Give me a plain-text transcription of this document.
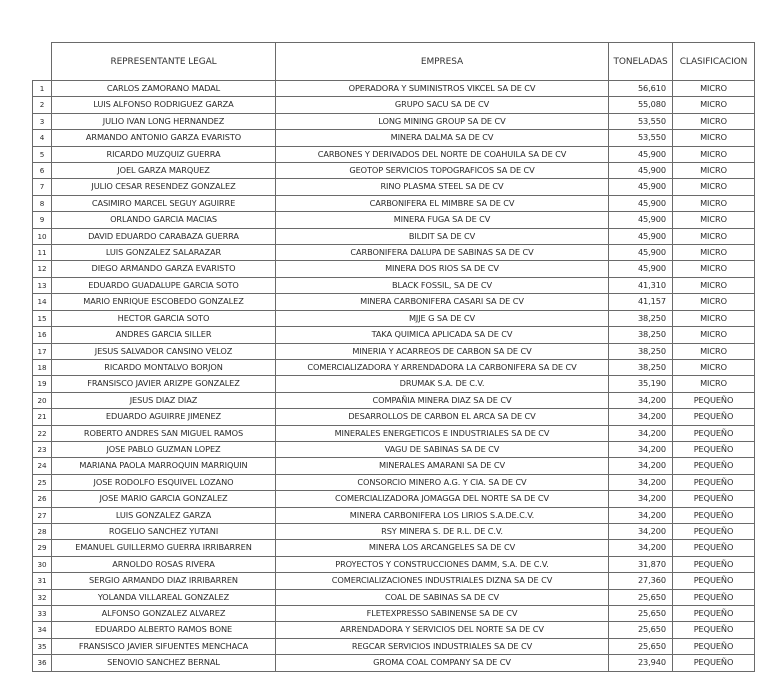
	REPRESENTANTE LEGAL	EMPRESA	TONELADAS	CLASIFICACION
1	CARLOS ZAMORANO MADAL	OPERADORA Y SUMINISTROS VIKCEL SA DE CV	56,610	MICRO
2	LUIS ALFONSO RODRIGUEZ GARZA	GRUPO SACU SA DE CV	55,080	MICRO
3	JULIO IVAN LONG HERNANDEZ	LONG MINING GROUP SA DE CV	53,550	MICRO
4	ARMANDO ANTONIO GARZA EVARISTO	MINERA DALMA SA DE CV	53,550	MICRO
5	RICARDO MUZQUIZ GUERRA	CARBONES Y DERIVADOS DEL NORTE DE COAHUILA SA DE CV	45,900	MICRO
6	JOEL GARZA MARQUEZ	GEOTOP SERVICIOS TOPOGRAFICOS SA DE CV	45,900	MICRO
7	JULIO CESAR RESENDEZ GONZALEZ	RINO PLASMA STEEL SA DE CV	45,900	MICRO
8	CASIMIRO MARCEL SEGUY AGUIRRE	CARBONIFERA EL MIMBRE SA DE CV	45,900	MICRO
9	ORLANDO GARCIA MACIAS	MINERA FUGA SA DE CV	45,900	MICRO
10	DAVID EDUARDO CARABAZA GUERRA	BILDIT SA DE CV	45,900	MICRO
11	LUIS GONZALEZ SALARAZAR	CARBONIFERA DALUPA DE SABINAS SA DE CV	45,900	MICRO
12	DIEGO ARMANDO GARZA EVARISTO	MINERA DOS RIOS SA DE CV	45,900	MICRO
13	EDUARDO GUADALUPE GARCIA SOTO	BLACK FOSSIL, SA DE CV	41,310	MICRO
14	MARIO ENRIQUE ESCOBEDO GONZALEZ	MINERA CARBONIFERA CASARI SA DE CV	41,157	MICRO
15	HECTOR GARCIA SOTO	MJJE G SA DE CV	38,250	MICRO
16	ANDRES GARCIA SILLER	TAKA QUIMICA APLICADA SA DE CV	38,250	MICRO
17	JESUS SALVADOR CANSINO VELOZ	MINERIA Y ACARREOS DE CARBON SA DE CV	38,250	MICRO
18	RICARDO MONTALVO BORJON	COMERCIALIZADORA Y ARRENDADORA LA CARBONIFERA SA DE CV	38,250	MICRO
19	FRANSISCO JAVIER ARIZPE GONZALEZ	DRUMAK S.A. DE C.V.	35,190	MICRO
20	JESUS DIAZ DIAZ	COMPAÑIA MINERA DIAZ SA DE CV	34,200	PEQUEÑO
21	EDUARDO AGUIRRE JIMENEZ	DESARROLLOS DE CARBON EL ARCA SA DE CV	34,200	PEQUEÑO
22	ROBERTO ANDRES SAN MIGUEL RAMOS	MINERALES ENERGETICOS E INDUSTRIALES SA DE CV	34,200	PEQUEÑO
23	JOSE PABLO GUZMAN LOPEZ	VAGU DE SABINAS SA DE CV	34,200	PEQUEÑO
24	MARIANA PAOLA MARROQUIN MARRIQUIN	MINERALES AMARANI SA DE CV	34,200	PEQUEÑO
25	JOSE RODOLFO ESQUIVEL LOZANO	CONSORCIO MINERO A.G. Y CIA. SA DE CV	34,200	PEQUEÑO
26	JOSE MARIO GARCIA GONZALEZ	COMERCIALIZADORA JOMAGGA DEL NORTE SA DE CV	34,200	PEQUEÑO
27	LUIS GONZALEZ GARZA	MINERA CARBONIFERA LOS LIRIOS S.A.DE.C.V.	34,200	PEQUEÑO
28	ROGELIO SANCHEZ YUTANI	RSY MINERA S. DE R.L. DE C.V.	34,200	PEQUEÑO
29	EMANUEL GUILLERMO GUERRA IRRIBARREN	MINERA LOS ARCANGELES SA DE CV	34,200	PEQUEÑO
30	ARNOLDO ROSAS RIVERA	PROYECTOS Y CONSTRUCCIONES DAMM, S.A. DE C.V.	31,870	PEQUEÑO
31	SERGIO ARMANDO DIAZ IRRIBARREN	COMERCIALIZACIONES INDUSTRIALES DIZNA SA DE CV	27,360	PEQUEÑO
32	YOLANDA VILLAREAL GONZALEZ	COAL DE SABINAS SA DE CV	25,650	PEQUEÑO
33	ALFONSO GONZALEZ ALVAREZ	FLETEXPRESSO SABINENSE SA DE CV	25,650	PEQUEÑO
34	EDUARDO ALBERTO RAMOS BONE	ARRENDADORA Y SERVICIOS DEL NORTE SA DE CV	25,650	PEQUEÑO
35	FRANSISCO JAVIER SIFUENTES MENCHACA	REGCAR SERVICIOS INDUSTRIALES SA DE CV	25,650	PEQUEÑO
36	SENOVIO SANCHEZ BERNAL	GROMA COAL COMPANY SA DE CV	23,940	PEQUEÑO
